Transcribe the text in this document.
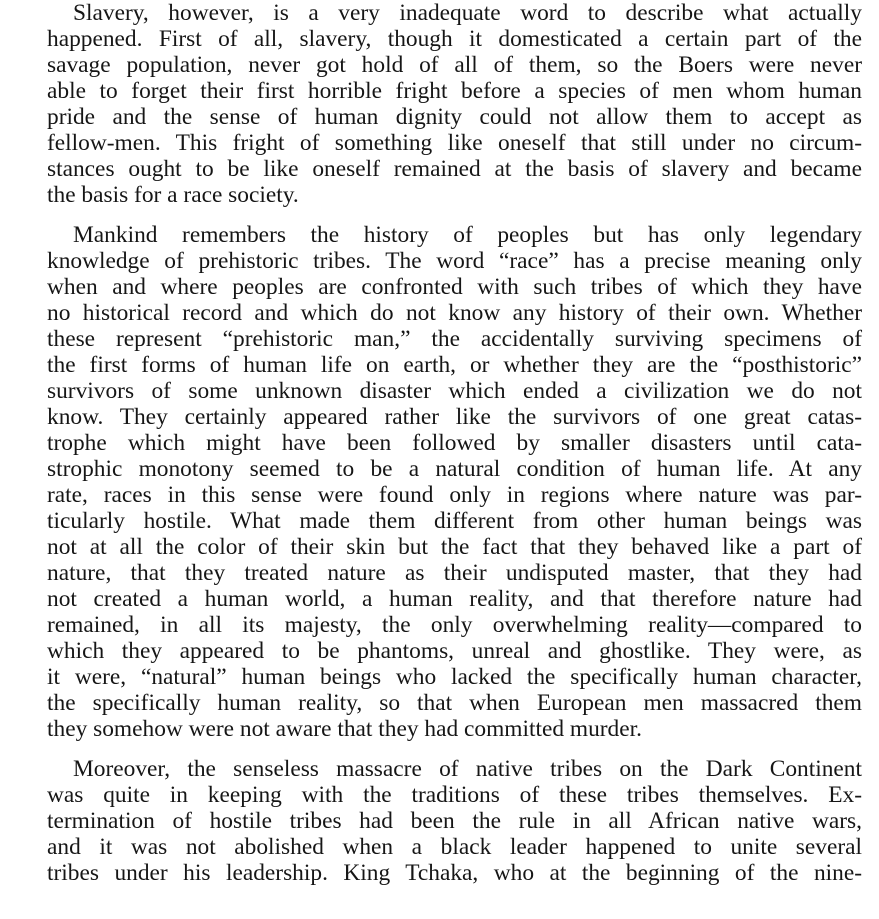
Slavery, however, is a very inadequate word to describe what actually
happened. First of all, slavery, though it domesticated a certain part of the
savage population, never got hold of all of them, so the Boers were never
able to forget their first horrible fright before a species of men whom human
pride and the sense of human dignity could not allow them to accept as
fellow-men. This fright of something like oneself that still under no circum-
stances ought to be like oneself remained at the basis of slavery and became
the basis for a race society.
Mankind remembers the history of peoples but has only legendary
knowledge of prehistoric tribes. The word “race” has a precise meaning only
when and where peoples are confronted with such tribes of which they have
no historical record and which do not know any history of their own. Whether
these represent “prehistoric man,” the accidentally surviving specimens of
the first forms of human life on earth, or whether they are the “posthistoric”
survivors of some unknown disaster which ended a civilization we do not
know. They certainly appeared rather like the survivors of one great catas-
trophe which might have been followed by smaller disasters until cata-
strophic monotony seemed to be a natural condition of human life. At any
rate, races in this sense were found only in regions where nature was par-
ticularly hostile. What made them different from other human beings was
not at all the color of their skin but the fact that they behaved like a part of
nature, that they treated nature as their undisputed master, that they had
not created a human world, a human reality, and that therefore nature had
remained, in all its majesty, the only overwhelming reality—compared to
which they appeared to be phantoms, unreal and ghostlike. They were, as
it were, “natural” human beings who lacked the specifically human character,
the specifically human reality, so that when European men massacred them
they somehow were not aware that they had committed murder.
Moreover, the senseless massacre of native tribes on the Dark Continent
was quite in keeping with the traditions of these tribes themselves. Ex-
termination of hostile tribes had been the rule in all African native wars,
and it was not abolished when a black leader happened to unite several
tribes under his leadership. King Tchaka, who at the beginning of the nine-
